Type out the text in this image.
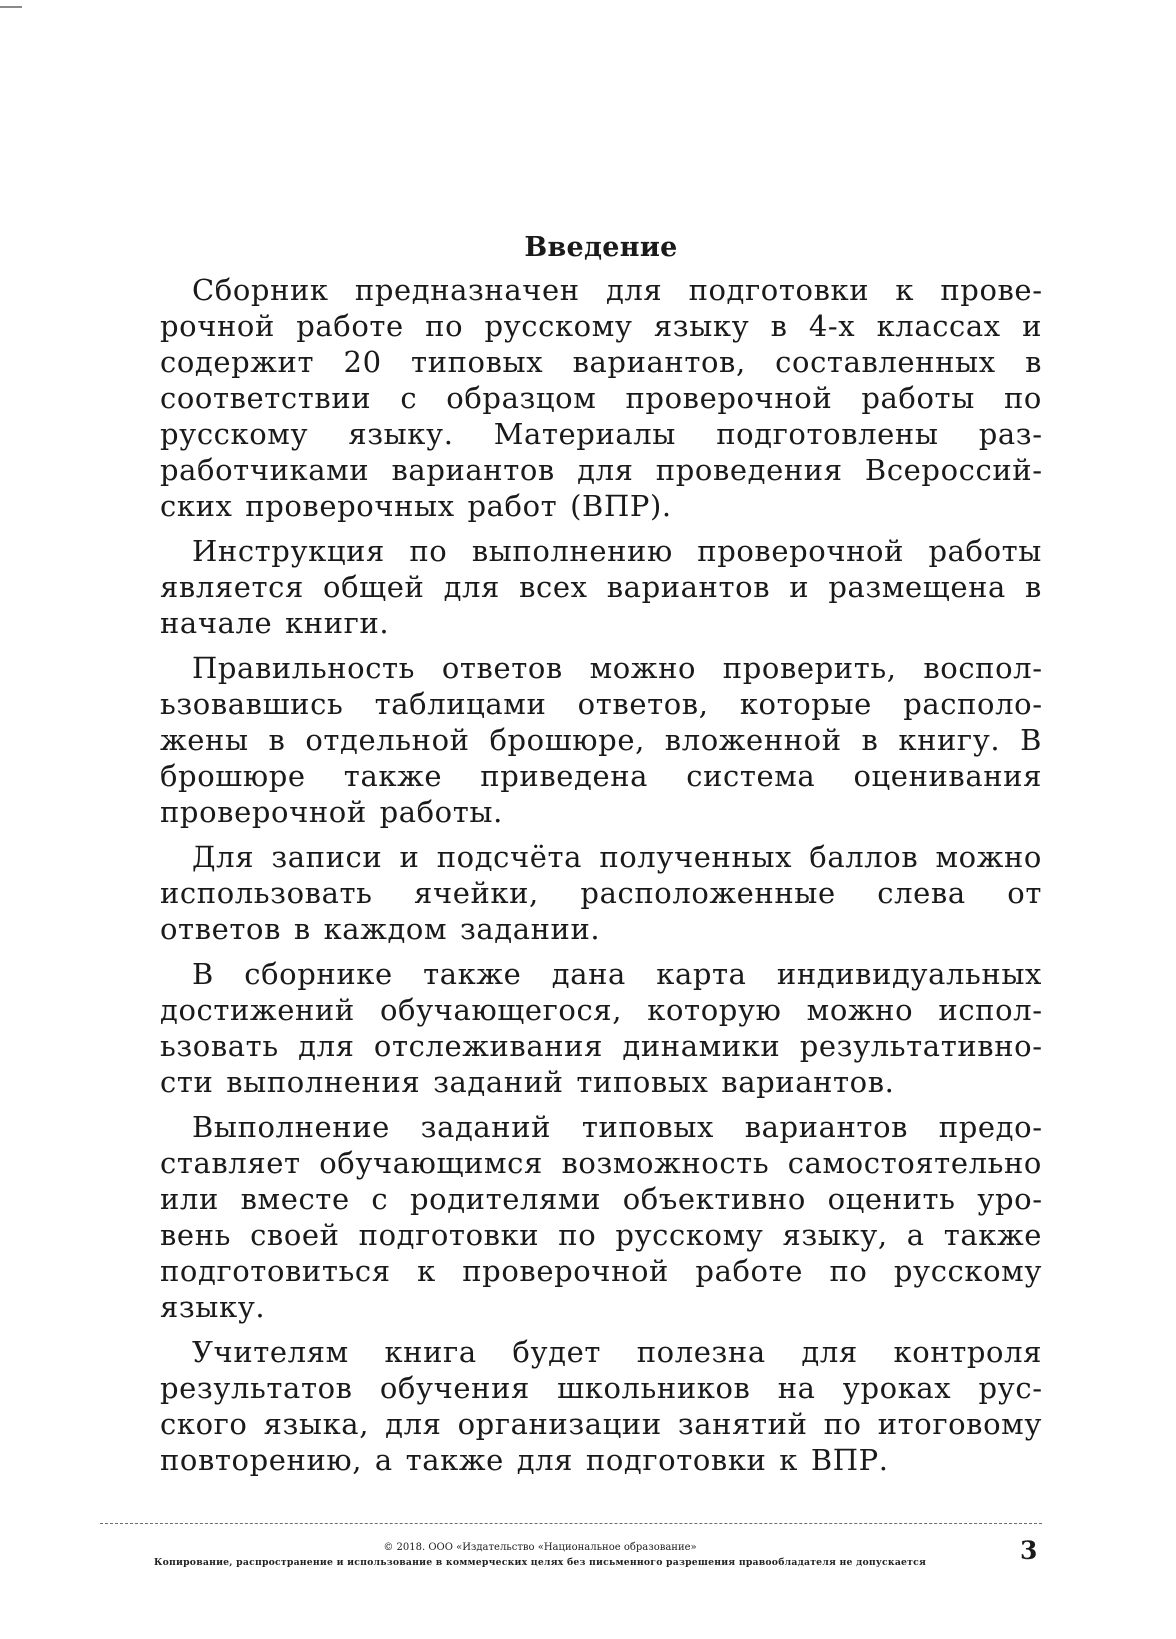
Введение

Сборник предназначен для подготовки к проверочной работе по русскому языку в 4-х классах и содержит 20 типовых вариантов, составленных в соответствии с образцом проверочной работы по русскому языку. Материалы подготовлены разработчиками вариантов для проведения Всероссийских проверочных работ (ВПР).

Инструкция по выполнению проверочной работы является общей для всех вариантов и размещена в начале книги.

Правильность ответов можно проверить, воспользовавшись таблицами ответов, которые расположены в отдельной брошюре, вложенной в книгу. В брошюре также приведена система оценивания проверочной работы.

Для записи и подсчёта полученных баллов можно использовать ячейки, расположенные слева от ответов в каждом задании.

В сборнике также дана карта индивидуальных достижений обучающегося, которую можно использовать для отслеживания динамики результативности выполнения заданий типовых вариантов.

Выполнение заданий типовых вариантов предоставляет обучающимся возможность самостоятельно или вместе с родителями объективно оценить уровень своей подготовки по русскому языку, а также подготовиться к проверочной работе по русскому языку.

Учителям книга будет полезна для контроля результатов обучения школьников на уроках русского языка, для организации занятий по итоговому повторению, а также для подготовки к ВПР.

© 2018. ООО «Издательство «Национальное образование»
Копирование, распространение и использование в коммерческих целях без письменного разрешения правообладателя не допускается	3
